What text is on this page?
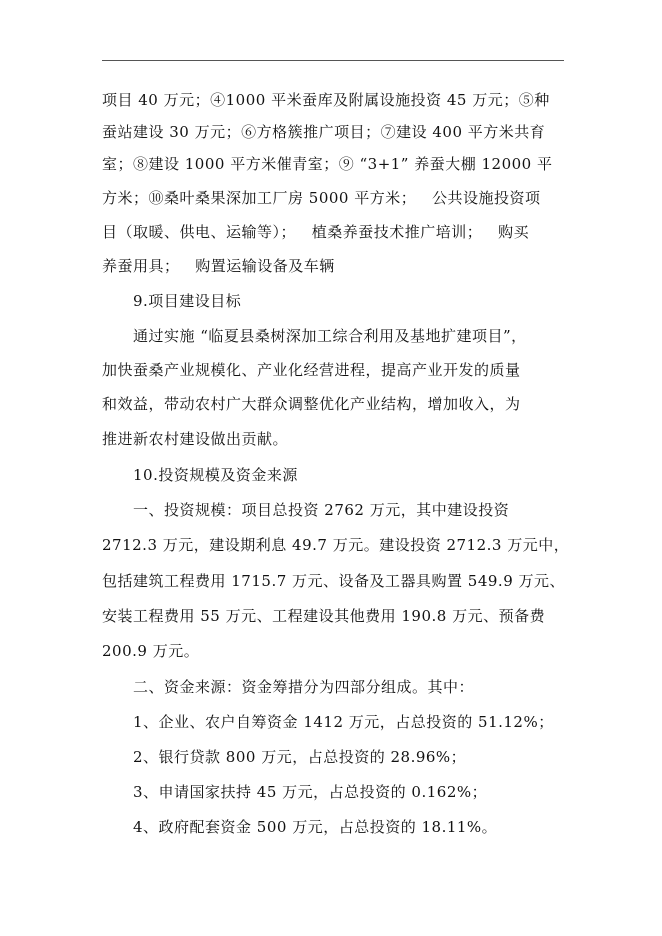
项目 40 万元；④1000 平米蚕库及附属设施投资 45 万元；⑤种
蚕站建设 30 万元；⑥方格簇推广项目；⑦建设 400 平方米共育
室；⑧建设 1000 平方米催青室；⑨ “3+1” 养蚕大棚 12000 平
方米；⑩桑叶桑果深加工厂房 5000 平方米；   公共设施投资项
目（取暖、供电、运输等）；   植桑养蚕技术推广培训；   购买
养蚕用具；   购置运输设备及车辆
9.项目建设目标
通过实施 “临夏县桑树深加工综合利用及基地扩建项目”，
加快蚕桑产业规模化、产业化经营进程，提高产业开发的质量
和效益，带动农村广大群众调整优化产业结构，增加收入，为
推进新农村建设做出贡献。
10.投资规模及资金来源
一、投资规模：项目总投资 2762 万元，其中建设投资
2712.3 万元，建设期利息 49.7 万元。建设投资 2712.3 万元中，
包括建筑工程费用 1715.7 万元、设备及工器具购置 549.9 万元、
安装工程费用 55 万元、工程建设其他费用 190.8 万元、预备费
200.9 万元。
二、资金来源：资金筹措分为四部分组成。其中：
1、企业、农户自筹资金 1412 万元，占总投资的 51.12%；
2、银行贷款 800 万元，占总投资的 28.96%；
3、申请国家扶持 45 万元，占总投资的 0.162%；
4、政府配套资金 500 万元，占总投资的 18.11%。
